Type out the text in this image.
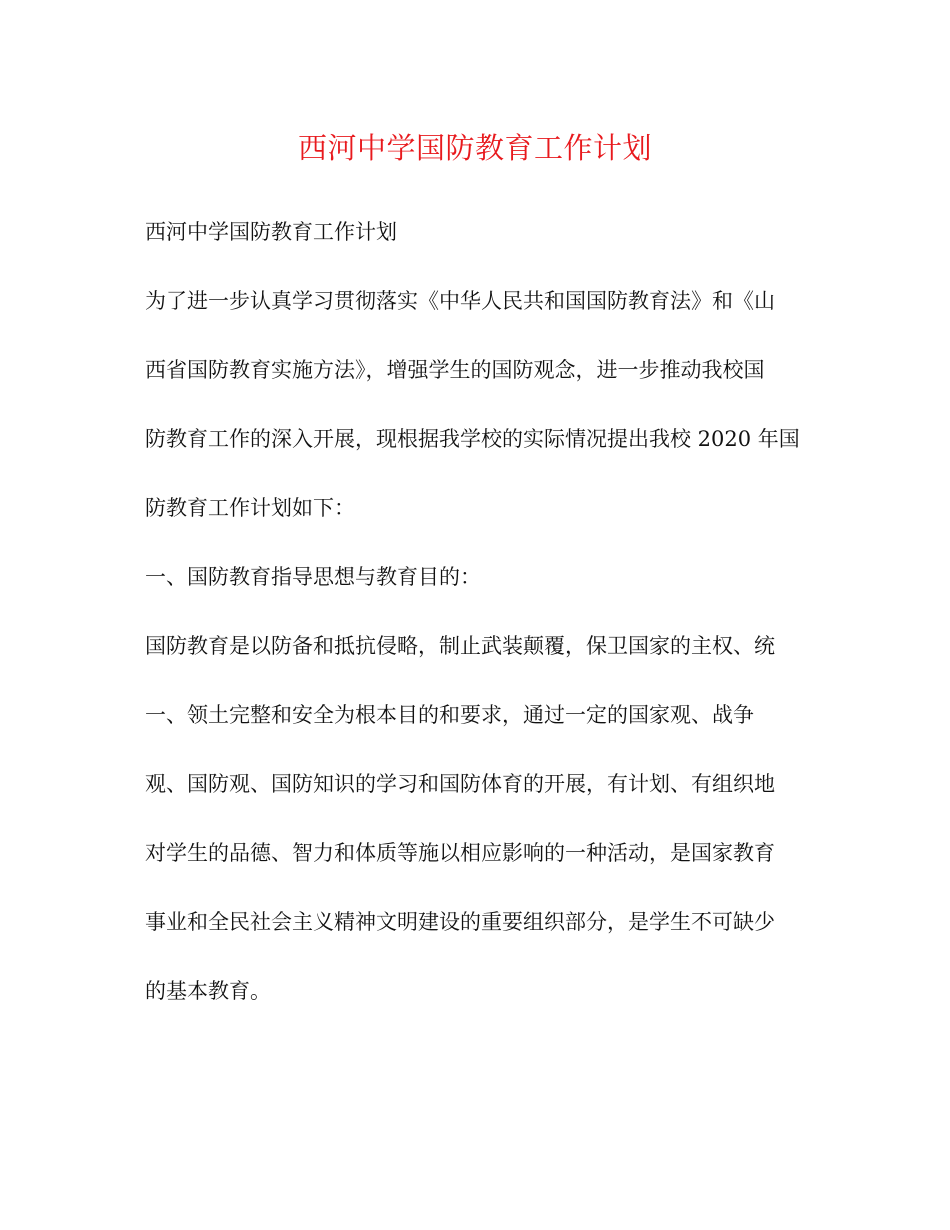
西河中学国防教育工作计划
西河中学国防教育工作计划
为了进一步认真学习贯彻落实《中华人民共和国国防教育法》和《山
西省国防教育实施方法》，增强学生的国防观念，进一步推动我校国
防教育工作的深入开展，现根据我学校的实际情况提出我校 2020 年国
防教育工作计划如下：
一、国防教育指导思想与教育目的：
国防教育是以防备和抵抗侵略，制止武装颠覆，保卫国家的主权、统
一、领土完整和安全为根本目的和要求，通过一定的国家观、战争
观、国防观、国防知识的学习和国防体育的开展，有计划、有组织地
对学生的品德、智力和体质等施以相应影响的一种活动，是国家教育
事业和全民社会主义精神文明建设的重要组织部分，是学生不可缺少
的基本教育。
